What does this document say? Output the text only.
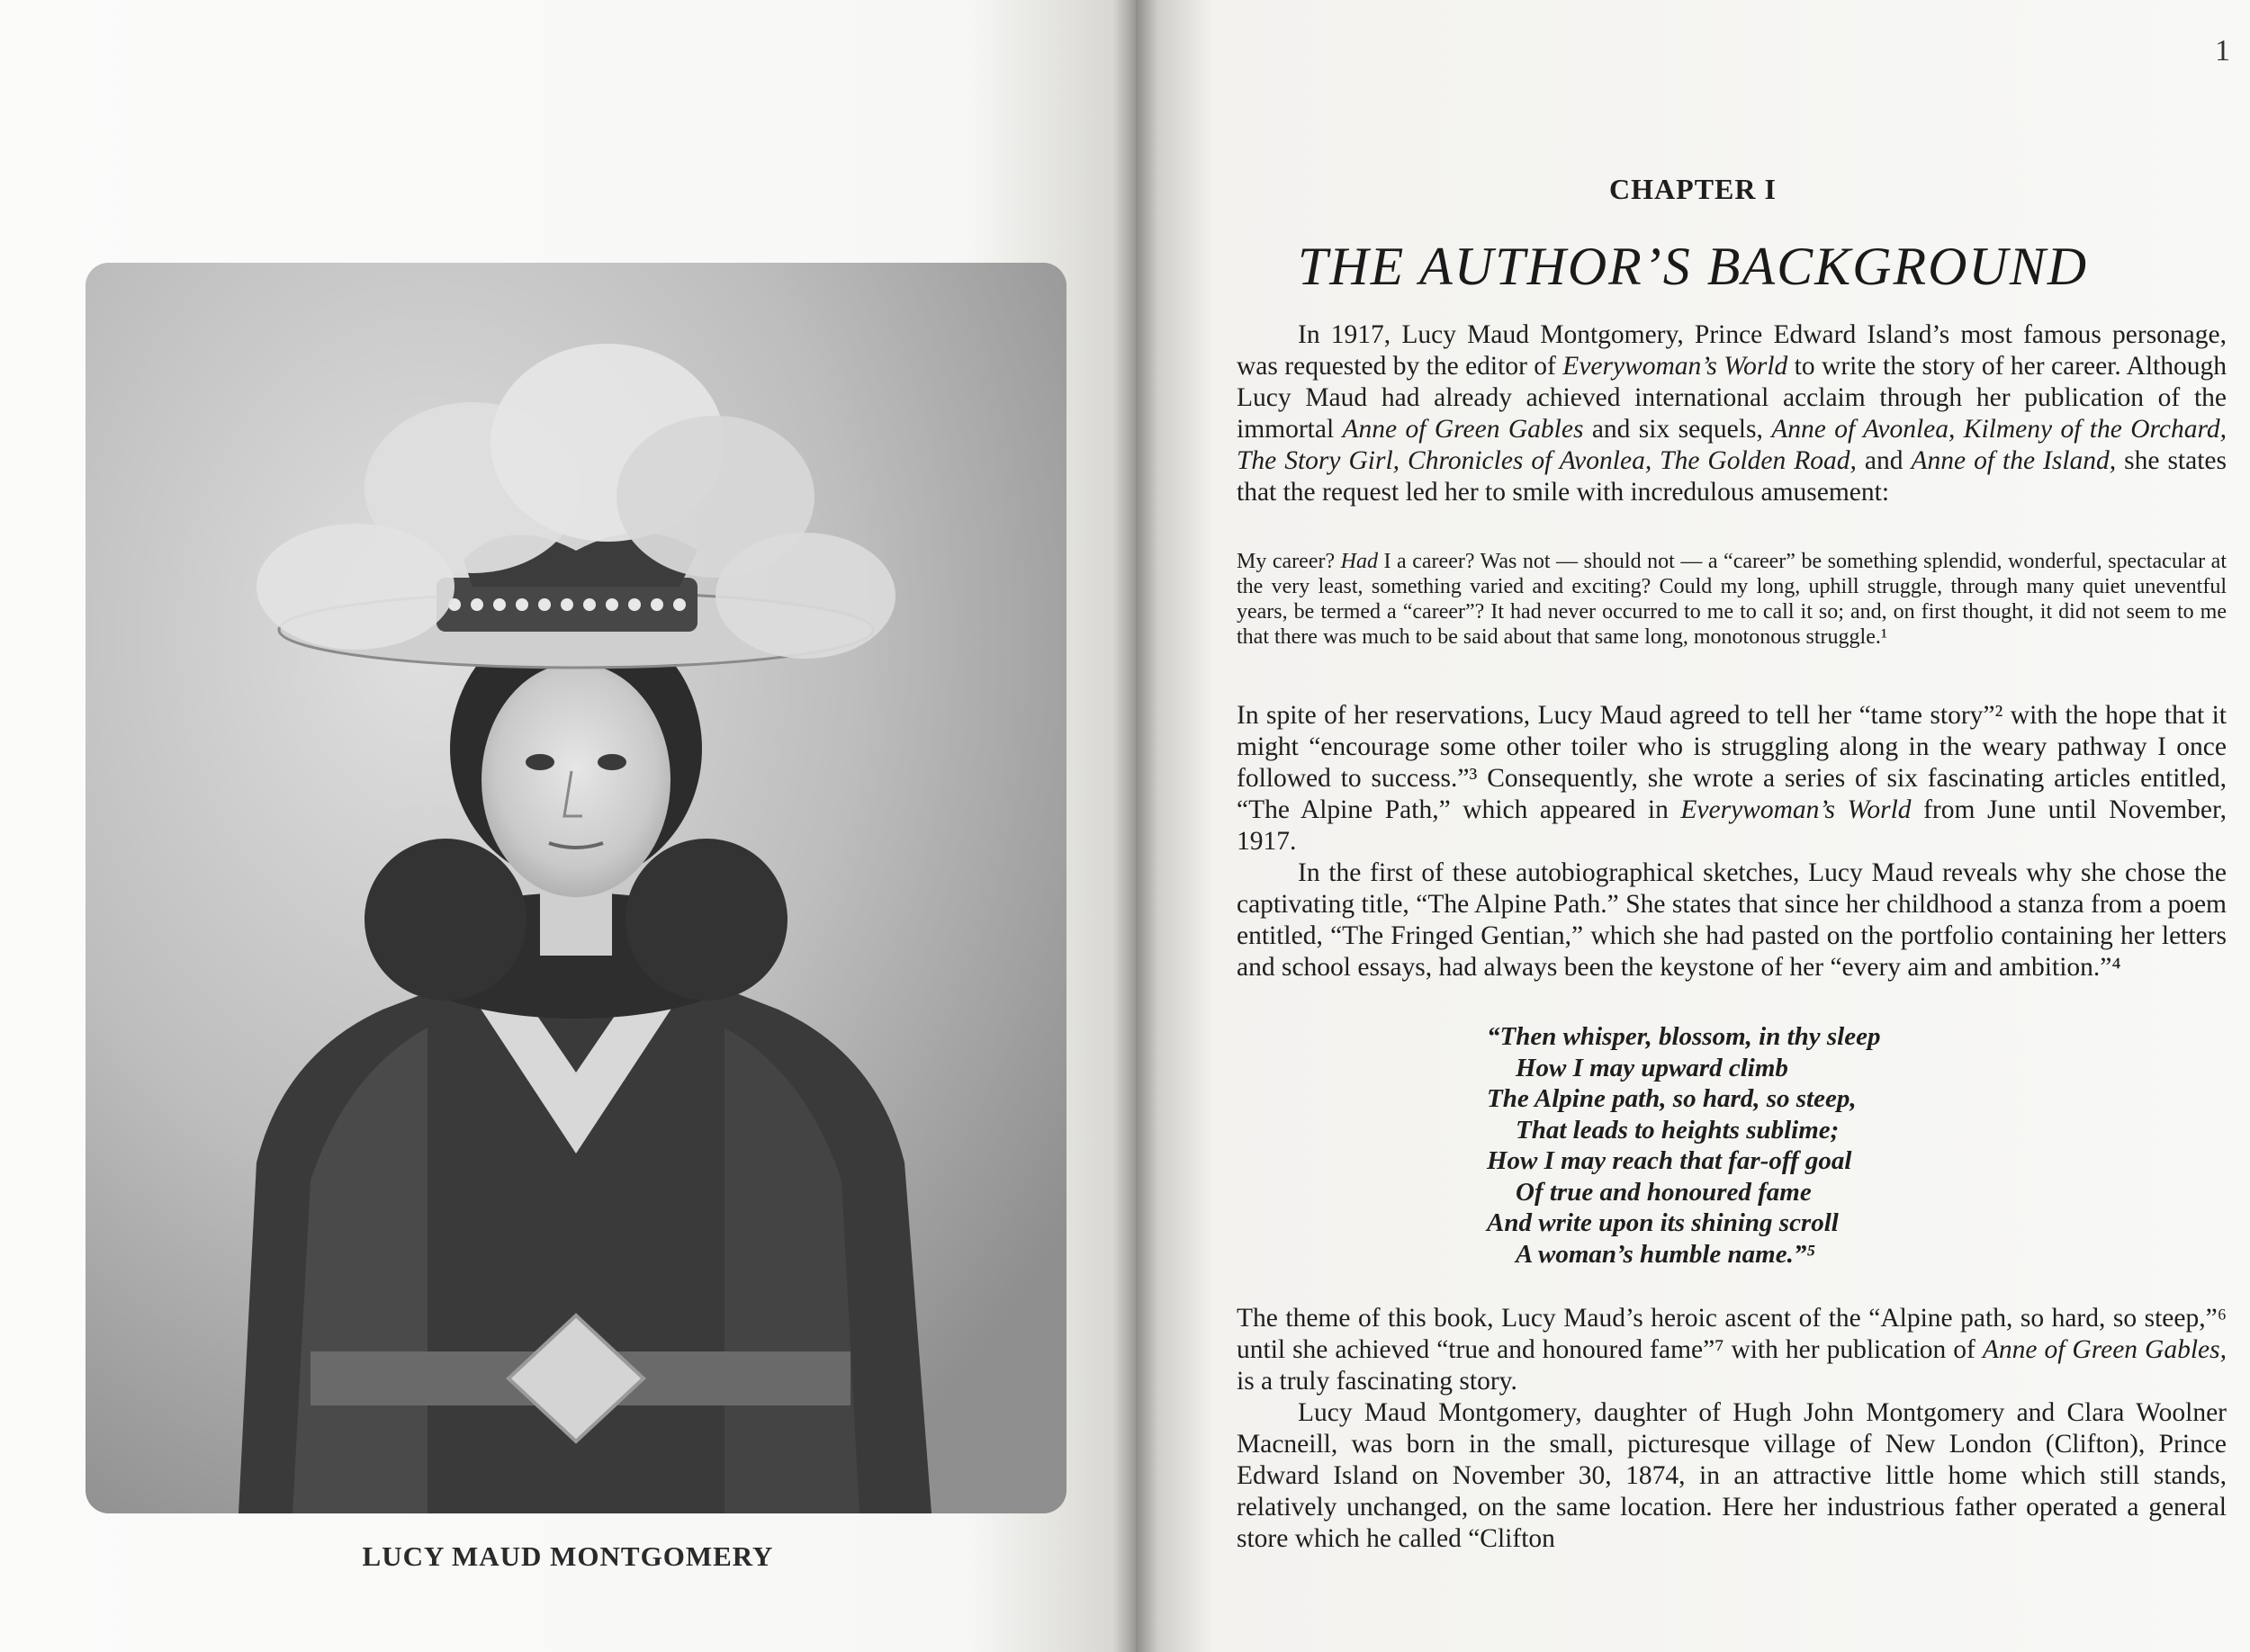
LUCY MAUD MONTGOMERY
1
CHAPTER I
THE AUTHOR’S BACKGROUND

In 1917, Lucy Maud Montgomery, Prince Edward Island’s most famous personage, was requested by the editor of Everywoman’s World to write the story of her career. Although Lucy Maud had already achieved international acclaim through her publication of the immortal Anne of Green Gables and six sequels, Anne of Avonlea, Kilmeny of the Orchard, The Story Girl, Chronicles of Avonlea, The Golden Road, and Anne of the Island, she states that the request led her to smile with incredulous amusement:

My career? Had I a career? Was not — should not — a “career” be something splendid, wonderful, spectacular at the very least, something varied and exciting? Could my long, uphill struggle, through many quiet uneventful years, be termed a “career”? It had never occurred to me to call it so; and, on first thought, it did not seem to me that there was much to be said about that same long, monotonous struggle.¹

In spite of her reservations, Lucy Maud agreed to tell her “tame story”² with the hope that it might “encourage some other toiler who is struggling along in the weary pathway I once followed to success.”³ Consequently, she wrote a series of six fascinating articles entitled, “The Alpine Path,” which appeared in Everywoman’s World from June until November, 1917.

In the first of these autobiographical sketches, Lucy Maud reveals why she chose the captivating title, “The Alpine Path.” She states that since her childhood a stanza from a poem entitled, “The Fringed Gentian,” which she had pasted on the portfolio containing her letters and school essays, had always been the keystone of her “every aim and ambition.”⁴

“Then whisper, blossom, in thy sleep
How I may upward climb
The Alpine path, so hard, so steep,
That leads to heights sublime;
How I may reach that far-off goal
Of true and honoured fame
And write upon its shining scroll
A woman’s humble name.”⁵

The theme of this book, Lucy Maud’s heroic ascent of the “Alpine path, so hard, so steep,”⁶ until she achieved “true and honoured fame”⁷ with her publication of Anne of Green Gables, is a truly fascinating story.

Lucy Maud Montgomery, daughter of Hugh John Montgomery and Clara Woolner Macneill, was born in the small, picturesque village of New London (Clifton), Prince Edward Island on November 30, 1874, in an attractive little home which still stands, relatively unchanged, on the same location. Here her industrious father operated a general store which he called “Clifton
